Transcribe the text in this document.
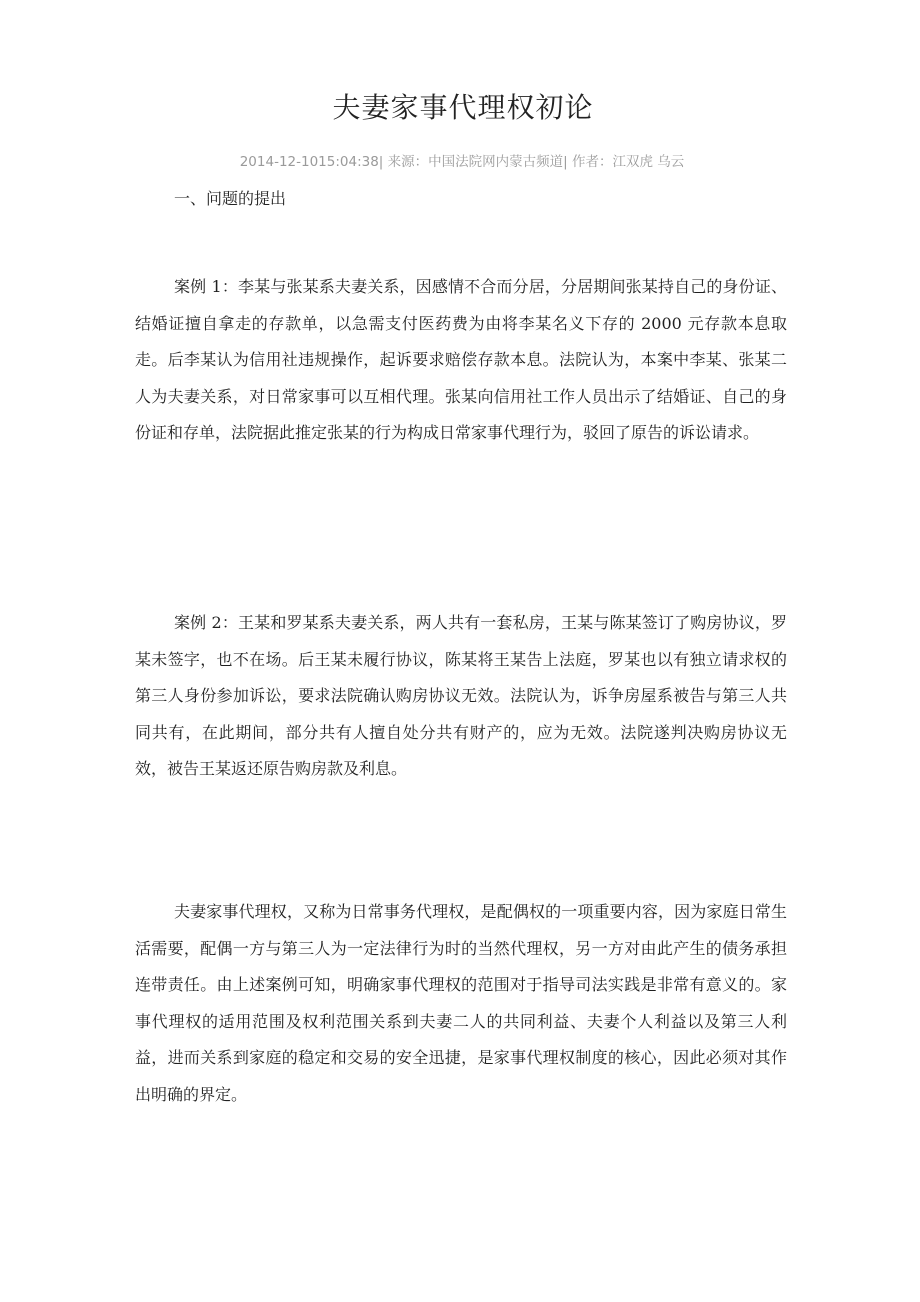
夫妻家事代理权初论
2014-12-1015:04:38| 来源：中国法院网内蒙古频道| 作者：江双虎 乌云
一、问题的提出

案例 1：李某与张某系夫妻关系，因感情不合而分居，分居期间张某持自己的身份证、结婚证擅自拿走的存款单，以急需支付医药费为由将李某名义下存的 2000 元存款本息取走。后李某认为信用社违规操作，起诉要求赔偿存款本息。法院认为，本案中李某、张某二人为夫妻关系，对日常家事可以互相代理。张某向信用社工作人员出示了结婚证、自己的身份证和存单，法院据此推定张某的行为构成日常家事代理行为，驳回了原告的诉讼请求。

案例 2：王某和罗某系夫妻关系，两人共有一套私房，王某与陈某签订了购房协议，罗某未签字，也不在场。后王某未履行协议，陈某将王某告上法庭，罗某也以有独立请求权的第三人身份参加诉讼，要求法院确认购房协议无效。法院认为，诉争房屋系被告与第三人共同共有，在此期间，部分共有人擅自处分共有财产的，应为无效。法院遂判决购房协议无效，被告王某返还原告购房款及利息。

夫妻家事代理权，又称为日常事务代理权，是配偶权的一项重要内容，因为家庭日常生活需要，配偶一方与第三人为一定法律行为时的当然代理权，另一方对由此产生的债务承担连带责任。由上述案例可知，明确家事代理权的范围对于指导司法实践是非常有意义的。家事代理权的适用范围及权利范围关系到夫妻二人的共同利益、夫妻个人利益以及第三人利益，进而关系到家庭的稳定和交易的安全迅捷，是家事代理权制度的核心，因此必须对其作出明确的界定。
